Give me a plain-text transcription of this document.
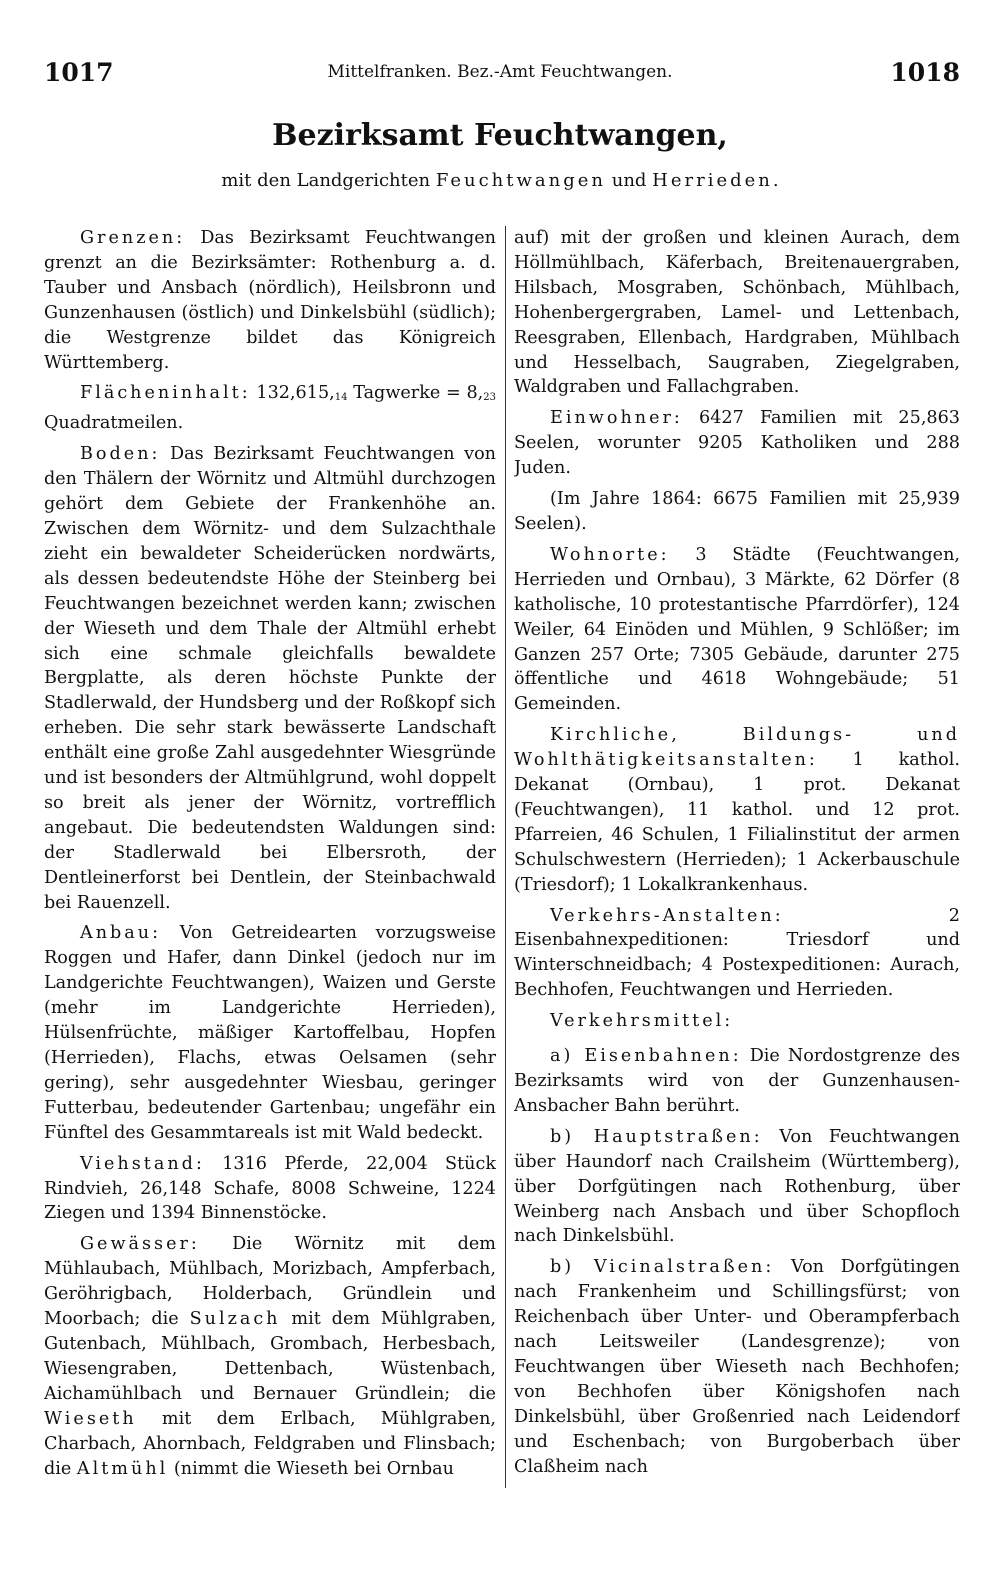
1017	Mittelfranken. Bez.-Amt Feuchtwangen.	1018
Bezirksamt Feuchtwangen,
mit den Landgerichten Feuchtwangen und Herrieden.

Grenzen: Das Bezirksamt Feuchtwangen grenzt an die Bezirksämter: Rothenburg a. d. Tauber und Ansbach (nördlich), Heilsbronn und Gunzenhausen (östlich) und Dinkelsbühl (südlich); die Westgrenze bildet das Königreich Württemberg.

Flächeninhalt: $132,615,_{14}$ Tagwerke = $8,_{23}$ Quadratmeilen.

Boden: Das Bezirksamt Feuchtwangen von den Thälern der Wörnitz und Altmühl durchzogen gehört dem Gebiete der Frankenhöhe an. Zwischen dem Wörnitz- und dem Sulzachthale zieht ein bewaldeter Scheiderücken nordwärts, als dessen bedeutendste Höhe der Steinberg bei Feuchtwangen bezeichnet werden kann; zwischen der Wieseth und dem Thale der Altmühl erhebt sich eine schmale gleichfalls bewaldete Bergplatte, als deren höchste Punkte der Stadlerwald, der Hundsberg und der Roßkopf sich erheben. Die sehr stark bewässerte Landschaft enthält eine große Zahl ausgedehnter Wiesgründe und ist besonders der Altmühlgrund, wohl doppelt so breit als jener der Wörnitz, vortrefflich angebaut. Die bedeutendsten Waldungen sind: der Stadlerwald bei Elbersroth, der Dentleinerforst bei Dentlein, der Steinbachwald bei Rauenzell.

Anbau: Von Getreidearten vorzugsweise Roggen und Hafer, dann Dinkel (jedoch nur im Landgerichte Feuchtwangen), Waizen und Gerste (mehr im Landgerichte Herrieden), Hülsenfrüchte, mäßiger Kartoffelbau, Hopfen (Herrieden), Flachs, etwas Oelsamen (sehr gering), sehr ausgedehnter Wiesbau, geringer Futterbau, bedeutender Gartenbau; ungefähr ein Fünftel des Gesammtareals ist mit Wald bedeckt.

Viehstand: 1316 Pferde, 22,004 Stück Rindvieh, 26,148 Schafe, 8008 Schweine, 1224 Ziegen und 1394 Binnenstöcke.

Gewässer: Die Wörnitz mit dem Mühlaubach, Mühlbach, Morizbach, Ampferbach, Geröhrigbach, Holderbach, Gründlein und Moorbach; die Sulzach mit dem Mühlgraben, Gutenbach, Mühlbach, Grombach, Herbesbach, Wiesengraben, Dettenbach, Wüstenbach, Aichamühlbach und Bernauer Gründlein; die Wieseth mit dem Erlbach, Mühlgraben, Charbach, Ahornbach, Feldgraben und Flinsbach; die Altmühl (nimmt die Wieseth bei Ornbau

auf) mit der großen und kleinen Aurach, dem Höllmühlbach, Käferbach, Breitenauergraben, Hilsbach, Mosgraben, Schönbach, Mühlbach, Hohenbergergraben, Lamel- und Lettenbach, Reesgraben, Ellenbach, Hardgraben, Mühlbach und Hesselbach, Saugraben, Ziegelgraben, Waldgraben und Fallachgraben.

Einwohner: 6427 Familien mit 25,863 Seelen, worunter 9205 Katholiken und 288 Juden.

(Im Jahre 1864: 6675 Familien mit 25,939 Seelen).

Wohnorte: 3 Städte (Feuchtwangen, Herrieden und Ornbau), 3 Märkte, 62 Dörfer (8 katholische, 10 protestantische Pfarrdörfer), 124 Weiler, 64 Einöden und Mühlen, 9 Schlößer; im Ganzen 257 Orte; 7305 Gebäude, darunter 275 öffentliche und 4618 Wohngebäude; 51 Gemeinden.

Kirchliche, Bildungs- und Wohlthätigkeitsanstalten: 1 kathol. Dekanat (Ornbau), 1 prot. Dekanat (Feuchtwangen), 11 kathol. und 12 prot. Pfarreien, 46 Schulen, 1 Filialinstitut der armen Schulschwestern (Herrieden); 1 Ackerbauschule (Triesdorf); 1 Lokalkrankenhaus.

Verkehrs-Anstalten: 2 Eisenbahnexpeditionen: Triesdorf und Winterschneidbach; 4 Postexpeditionen: Aurach, Bechhofen, Feuchtwangen und Herrieden.

Verkehrsmittel:

a) Eisenbahnen: Die Nordostgrenze des Bezirksamts wird von der Gunzenhausen-Ansbacher Bahn berührt.

b) Hauptstraßen: Von Feuchtwangen über Haundorf nach Crailsheim (Württemberg), über Dorfgütingen nach Rothenburg, über Weinberg nach Ansbach und über Schopfloch nach Dinkelsbühl.

b) Vicinalstraßen: Von Dorfgütingen nach Frankenheim und Schillingsfürst; von Reichenbach über Unter- und Oberampferbach nach Leitsweiler (Landesgrenze); von Feuchtwangen über Wieseth nach Bechhofen; von Bechhofen über Königshofen nach Dinkelsbühl, über Großenried nach Leidendorf und Eschenbach; von Burgoberbach über Claßheim nach
